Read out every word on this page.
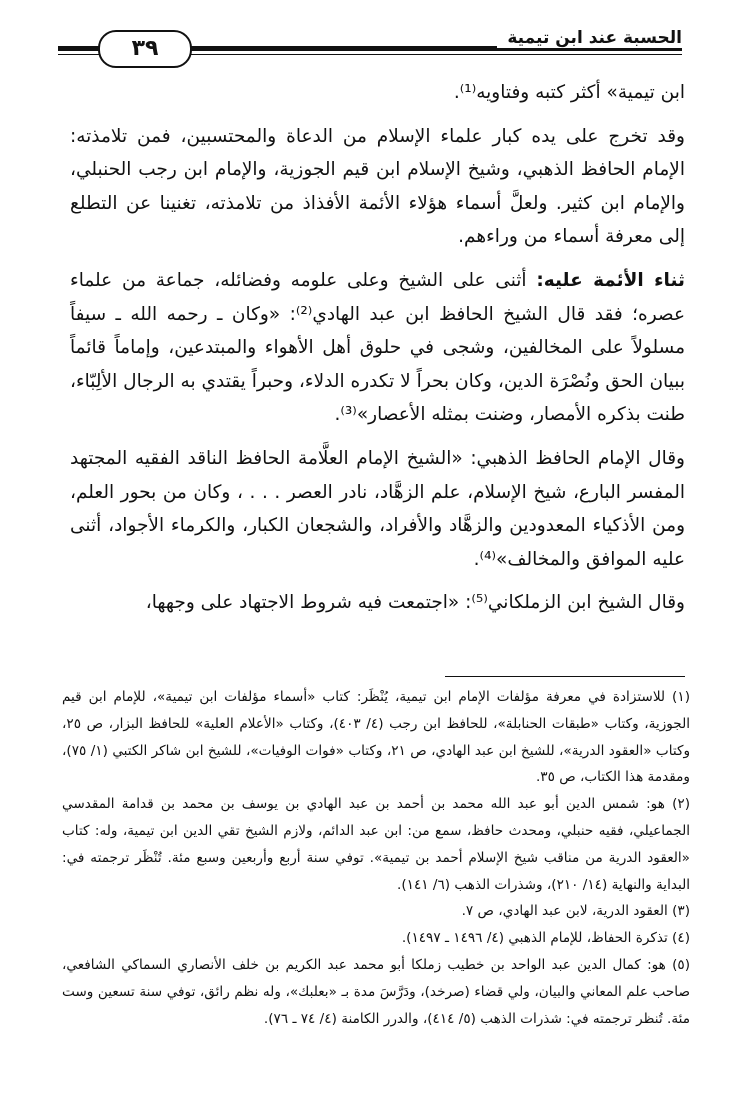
٣٩	الحسبة عند ابن تيمية

ابن تيمية» أكثر كتبه وفتاويه⁽¹⁾.

وقد تخرج على يده كبار علماء الإسلام من الدعاة والمحتسبين، فمن تلامذته: الإمام الحافظ الذهبي، وشيخ الإسلام ابن قيم الجوزية، والإمام ابن رجب الحنبلي، والإمام ابن كثير. ولعلَّ أسماء هؤلاء الأئمة الأفذاذ من تلامذته، تغنينا عن التطلع إلى معرفة أسماء من وراءهم.

ثناء الأئمة عليه: أثنى على الشيخ وعلى علومه وفضائله، جماعة من علماء عصره؛ فقد قال الشيخ الحافظ ابن عبد الهادي⁽²⁾: «وكان ـ رحمه الله ـ سيفاً مسلولاً على المخالفين، وشجى في حلوق أهل الأهواء والمبتدعين، وإماماً قائماً ببيان الحق ونُصْرَة الدين، وكان بحراً لا تكدره الدلاء، وحبراً يقتدي به الرجال الألِبّاء، طنت بذكره الأمصار، وضنت بمثله الأعصار»⁽³⁾.

وقال الإمام الحافظ الذهبي: «الشيخ الإمام العلَّامة الحافظ الناقد الفقيه المجتهد المفسر البارع، شيخ الإسلام، علم الزهَّاد، نادر العصر . . . ، وكان من بحور العلم، ومن الأذكياء المعدودين والزهَّاد والأفراد، والشجعان الكبار، والكرماء الأجواد، أثنى عليه الموافق والمخالف»⁽⁴⁾.

وقال الشيخ ابن الزملكاني⁽⁵⁾: «اجتمعت فيه شروط الاجتهاد على وجهها،

(١) للاستزادة في معرفة مؤلفات الإمام ابن تيمية، يُنْظَر: كتاب «أسماء مؤلفات ابن تيمية»، للإمام ابن قيم الجوزية، وكتاب «طبقات الحنابلة»، للحافظ ابن رجب (٤/ ٤٠٣)، وكتاب «الأعلام العلية» للحافظ البزار، ص ٢٥، وكتاب «العقود الدرية»، للشيخ ابن عبد الهادي، ص ٢١، وكتاب «فوات الوفيات»، للشيخ ابن شاكر الكتبي (١/ ٧٥)، ومقدمة هذا الكتاب، ص ٣٥.

(٢) هو: شمس الدين أبو عبد الله محمد بن أحمد بن عبد الهادي بن يوسف بن محمد بن قدامة المقدسي الجماعيلي، فقيه حنبلي، ومحدث حافظ، سمع من: ابن عبد الدائم، ولازم الشيخ تقي الدين ابن تيمية، وله: كتاب «العقود الدرية من مناقب شيخ الإسلام أحمد بن تيمية». توفي سنة أربع وأربعين وسبع مئة. تُنْظَر ترجمته في: البداية والنهاية (١٤/ ٢١٠)، وشذرات الذهب (٦/ ١٤١).

(٣) العقود الدرية، لابن عبد الهادي، ص ٧.

(٤) تذكرة الحفاظ، للإمام الذهبي (٤/ ١٤٩٦ ـ ١٤٩٧).

(٥) هو: كمال الدين عبد الواحد بن خطيب زملكا أبو محمد عبد الكريم بن خلف الأنصاري السماكي الشافعي، صاحب علم المعاني والبيان، ولي قضاء (صرخد)، ودَرَّسَ مدة بـ «بعلبك»، وله نظم رائق، توفي سنة تسعين وست مئة. تُنظر ترجمته في: شذرات الذهب (٥/ ٤١٤)، والدرر الكامنة (٤/ ٧٤ ـ ٧٦).
